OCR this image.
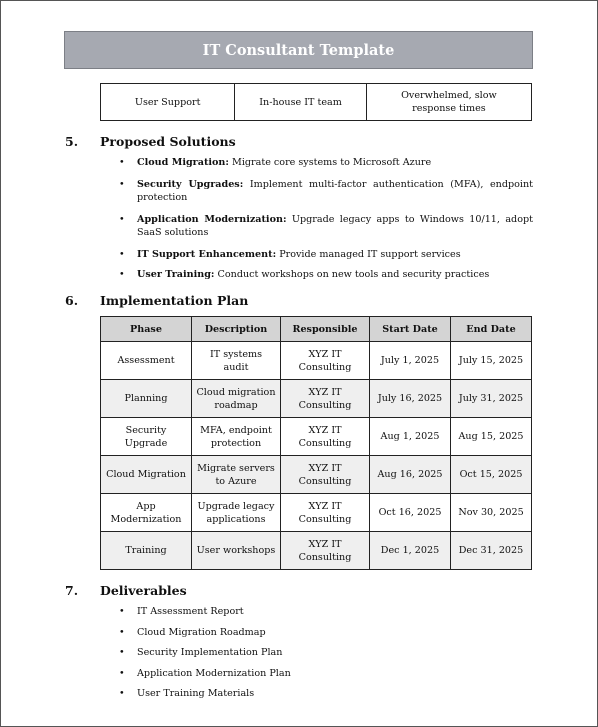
IT Consultant Template
User Support	In-house IT team	Overwhelmed, slow response times
5. Proposed Solutions
• Cloud Migration: Migrate core systems to Microsoft Azure
• Security Upgrades: Implement multi-factor authentication (MFA), endpoint protection
• Application Modernization: Upgrade legacy apps to Windows 10/11, adopt SaaS solutions
• IT Support Enhancement: Provide managed IT support services
• User Training: Conduct workshops on new tools and security practices
6. Implementation Plan
Phase	Description	Responsible	Start Date	End Date
Assessment	IT systems audit	XYZ IT Consulting	July 1, 2025	July 15, 2025
Planning	Cloud migration roadmap	XYZ IT Consulting	July 16, 2025	July 31, 2025
Security Upgrade	MFA, endpoint protection	XYZ IT Consulting	Aug 1, 2025	Aug 15, 2025
Cloud Migration	Migrate servers to Azure	XYZ IT Consulting	Aug 16, 2025	Oct 15, 2025
App Modernization	Upgrade legacy applications	XYZ IT Consulting	Oct 16, 2025	Nov 30, 2025
Training	User workshops	XYZ IT Consulting	Dec 1, 2025	Dec 31, 2025
7. Deliverables
• IT Assessment Report
• Cloud Migration Roadmap
• Security Implementation Plan
• Application Modernization Plan
• User Training Materials
